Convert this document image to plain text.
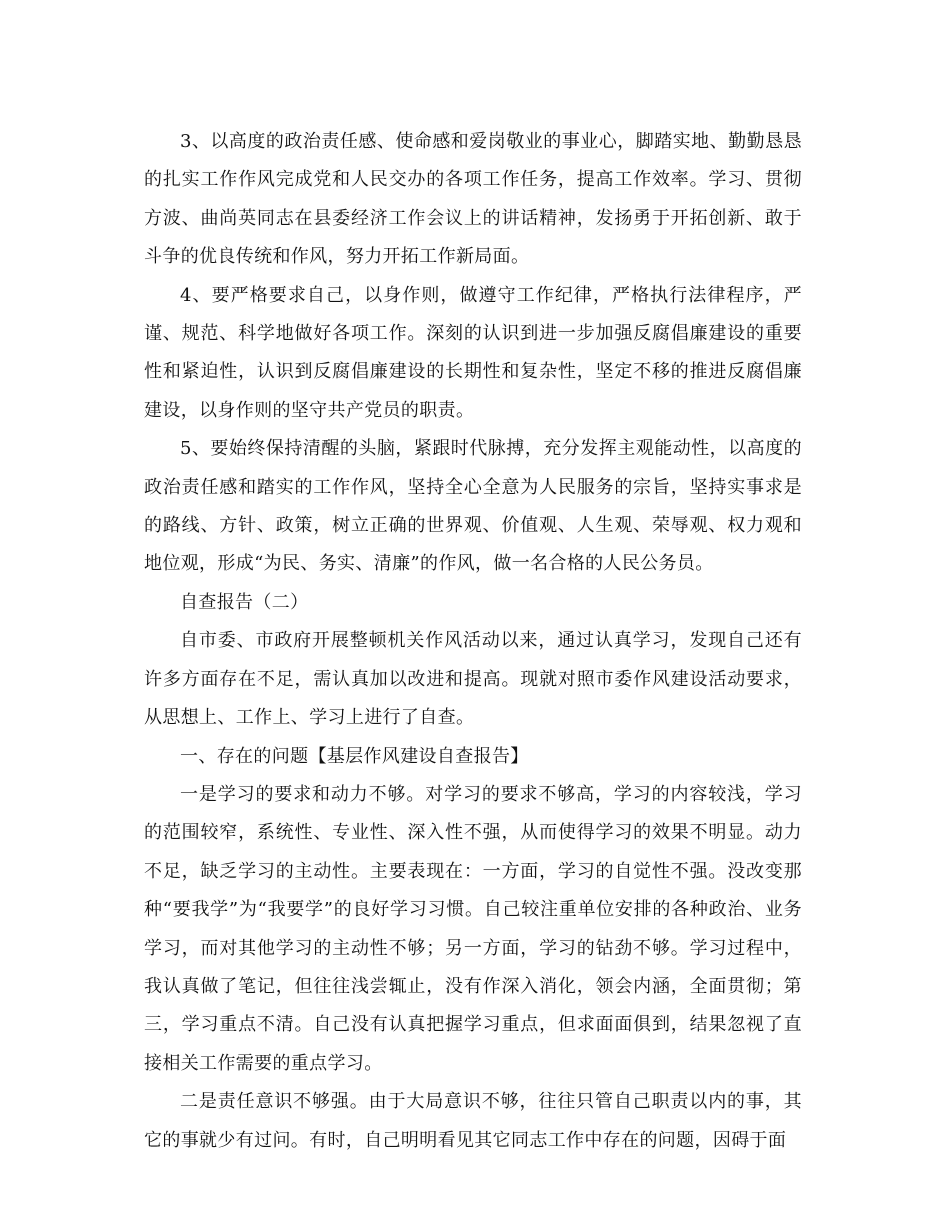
3、以高度的政治责任感、使命感和爱岗敬业的事业心，脚踏实地、勤勤恳恳的扎实工作作风完成党和人民交办的各项工作任务，提高工作效率。学习、贯彻方波、曲尚英同志在县委经济工作会议上的讲话精神，发扬勇于开拓创新、敢于斗争的优良传统和作风，努力开拓工作新局面。

4、要严格要求自己，以身作则，做遵守工作纪律，严格执行法律程序，严谨、规范、科学地做好各项工作。深刻的认识到进一步加强反腐倡廉建设的重要性和紧迫性，认识到反腐倡廉建设的长期性和复杂性，坚定不移的推进反腐倡廉建设，以身作则的坚守共产党员的职责。

5、要始终保持清醒的头脑，紧跟时代脉搏，充分发挥主观能动性，以高度的政治责任感和踏实的工作作风，坚持全心全意为人民服务的宗旨，坚持实事求是的路线、方针、政策，树立正确的世界观、价值观、人生观、荣辱观、权力观和地位观，形成“为民、务实、清廉”的作风，做一名合格的人民公务员。

自查报告（二）

自市委、市政府开展整顿机关作风活动以来，通过认真学习，发现自己还有许多方面存在不足，需认真加以改进和提高。现就对照市委作风建设活动要求，从思想上、工作上、学习上进行了自查。

一、存在的问题【基层作风建设自查报告】

一是学习的要求和动力不够。对学习的要求不够高，学习的内容较浅，学习的范围较窄，系统性、专业性、深入性不强，从而使得学习的效果不明显。动力不足，缺乏学习的主动性。主要表现在：一方面，学习的自觉性不强。没改变那种“要我学”为“我要学”的良好学习习惯。自己较注重单位安排的各种政治、业务学习，而对其他学习的主动性不够；另一方面，学习的钻劲不够。学习过程中，我认真做了笔记，但往往浅尝辄止，没有作深入消化，领会内涵，全面贯彻；第三，学习重点不清。自己没有认真把握学习重点，但求面面俱到，结果忽视了直接相关工作需要的重点学习。

二是责任意识不够强。由于大局意识不够，往往只管自己职责以内的事，其它的事就少有过问。有时，自己明明看见其它同志工作中存在的问题，因碍于面
